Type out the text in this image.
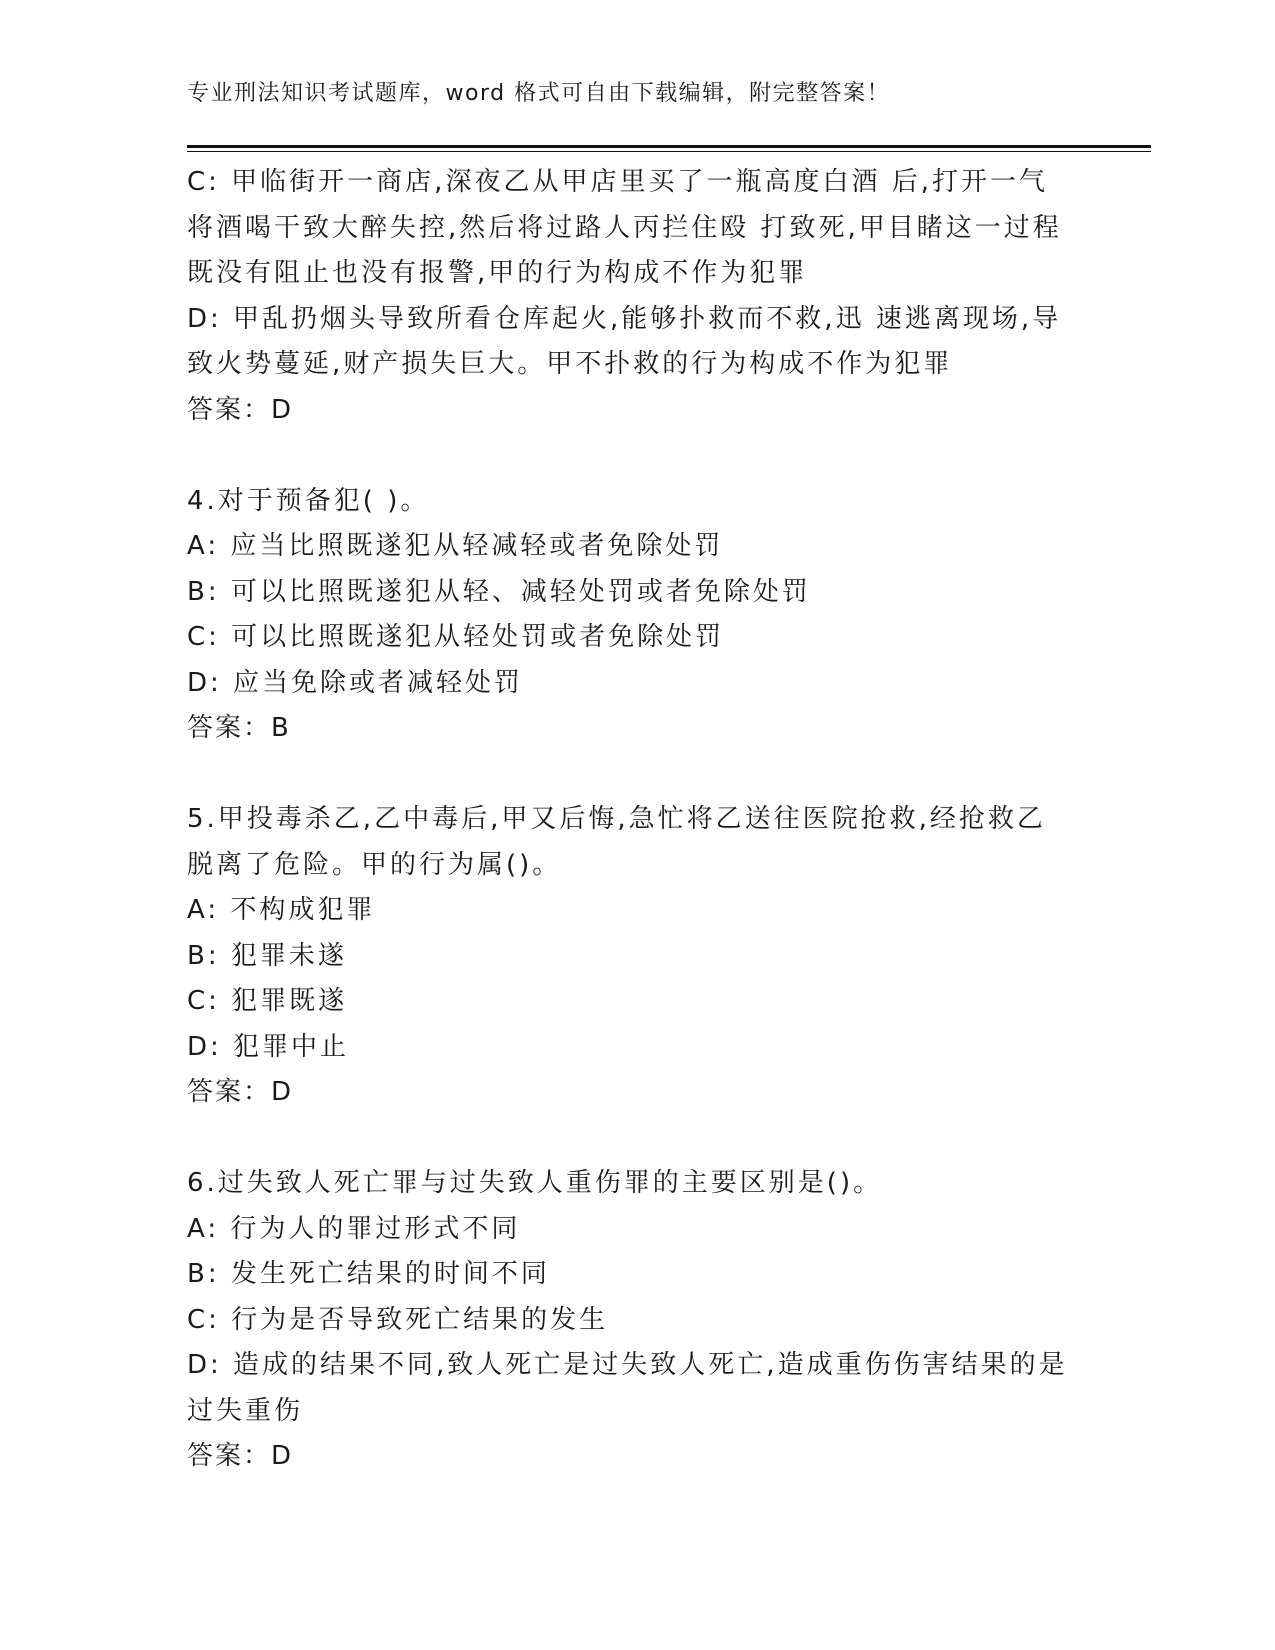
专业刑法知识考试题库，word 格式可自由下载编辑，附完整答案！
C: 甲临街开一商店,深夜乙从甲店里买了一瓶高度白酒 后,打开一气
将酒喝干致大醉失控,然后将过路人丙拦住殴 打致死,甲目睹这一过程
既没有阻止也没有报警,甲的行为构成不作为犯罪
D: 甲乱扔烟头导致所看仓库起火,能够扑救而不救,迅 速逃离现场,导
致火势蔓延,财产损失巨大。甲不扑救的行为构成不作为犯罪
答案：D
4.对于预备犯( )。
A: 应当比照既遂犯从轻减轻或者免除处罚
B: 可以比照既遂犯从轻、减轻处罚或者免除处罚
C: 可以比照既遂犯从轻处罚或者免除处罚
D: 应当免除或者减轻处罚
答案：B
5.甲投毒杀乙,乙中毒后,甲又后悔,急忙将乙送往医院抢救,经抢救乙
脱离了危险。甲的行为属()。
A: 不构成犯罪
B: 犯罪未遂
C: 犯罪既遂
D: 犯罪中止
答案：D
6.过失致人死亡罪与过失致人重伤罪的主要区别是()。
A: 行为人的罪过形式不同
B: 发生死亡结果的时间不同
C: 行为是否导致死亡结果的发生
D: 造成的结果不同,致人死亡是过失致人死亡,造成重伤伤害结果的是
过失重伤
答案：D
